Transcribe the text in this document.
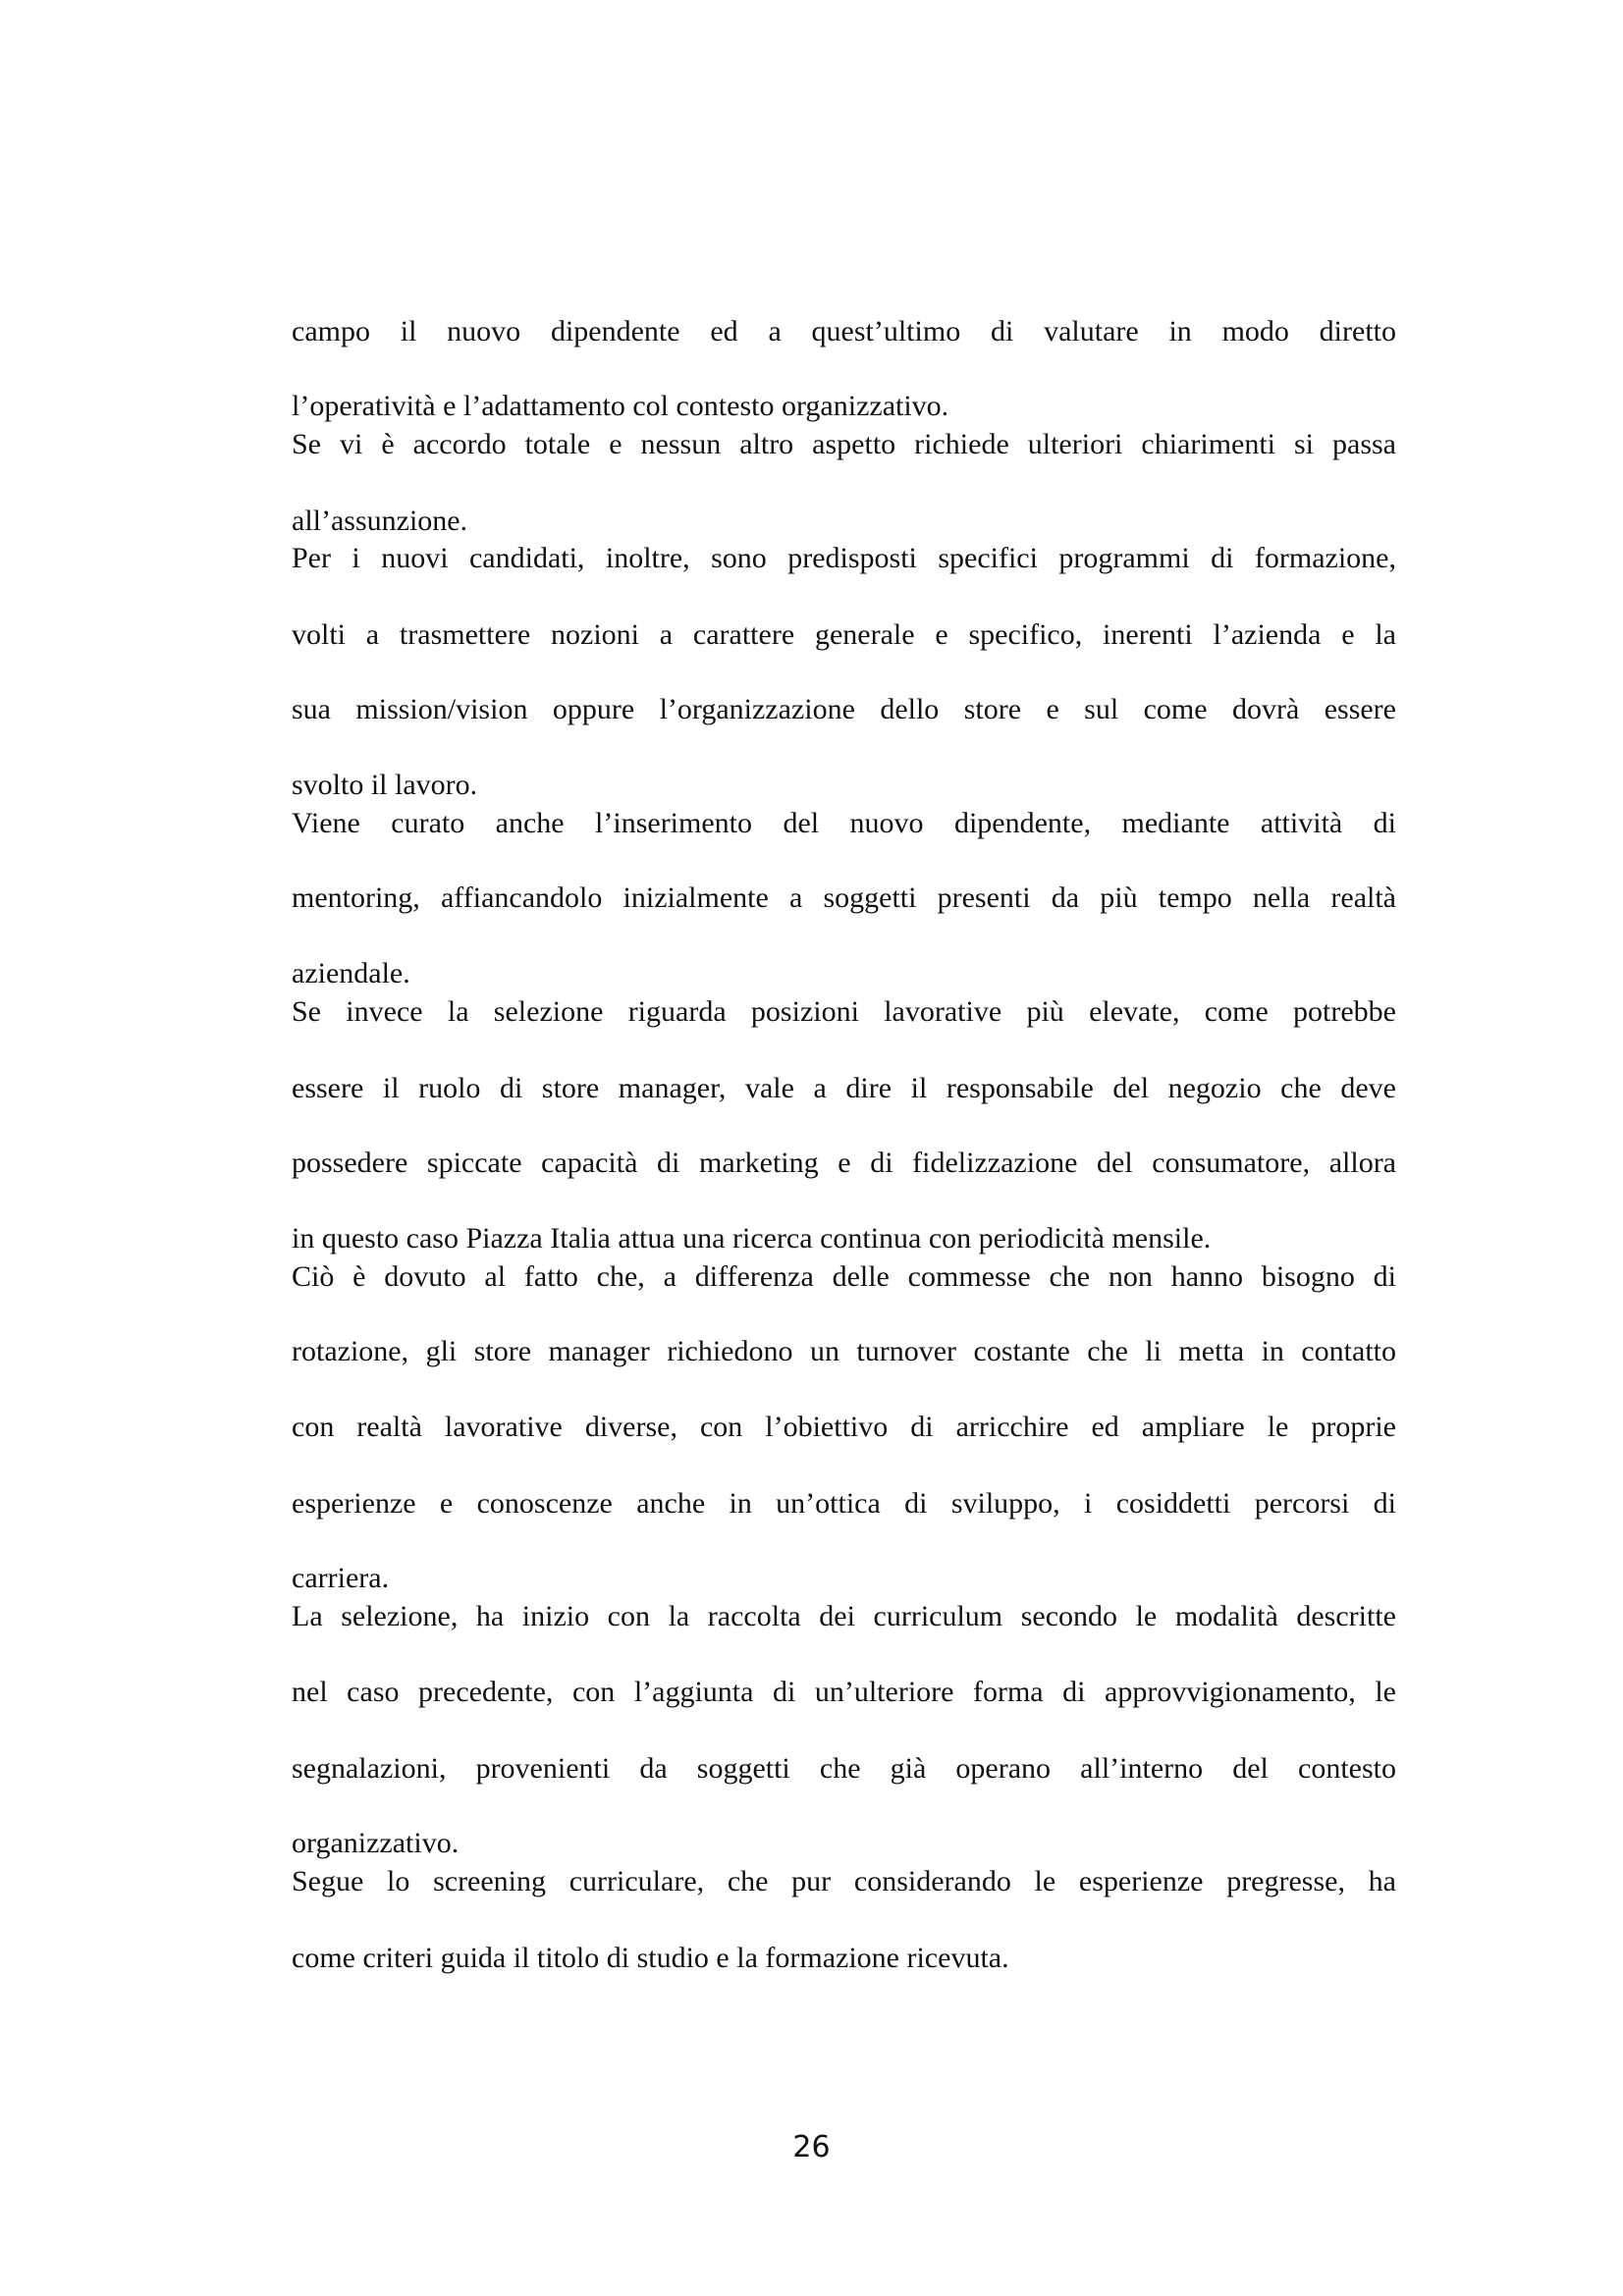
campo il nuovo dipendente ed a quest’ultimo di valutare in modo diretto
l’operatività e l’adattamento col contesto organizzativo.
Se vi è accordo totale e nessun altro aspetto richiede ulteriori chiarimenti si passa
all’assunzione.
Per i nuovi candidati, inoltre, sono predisposti specifici programmi di formazione,
volti a trasmettere nozioni a carattere generale e specifico, inerenti l’azienda e la
sua mission/vision oppure l’organizzazione dello store e sul come dovrà essere
svolto il lavoro.
Viene curato anche l’inserimento del nuovo dipendente, mediante attività di
mentoring, affiancandolo inizialmente a soggetti presenti da più tempo nella realtà
aziendale.
Se invece la selezione riguarda posizioni lavorative più elevate, come potrebbe
essere il ruolo di store manager, vale a dire il responsabile del negozio che deve
possedere spiccate capacità di marketing e di fidelizzazione del consumatore, allora
in questo caso Piazza Italia attua una ricerca continua con periodicità mensile.
Ciò è dovuto al fatto che, a differenza delle commesse che non hanno bisogno di
rotazione, gli store manager richiedono un turnover costante che li metta in contatto
con realtà lavorative diverse, con l’obiettivo di arricchire ed ampliare le proprie
esperienze e conoscenze anche in un’ottica di sviluppo, i cosiddetti percorsi di
carriera.
La selezione, ha inizio con la raccolta dei curriculum secondo le modalità descritte
nel caso precedente, con l’aggiunta di un’ulteriore forma di approvvigionamento, le
segnalazioni, provenienti da soggetti che già operano all’interno del contesto
organizzativo.
Segue lo screening curriculare, che pur considerando le esperienze pregresse, ha
come criteri guida il titolo di studio e la formazione ricevuta.
26
